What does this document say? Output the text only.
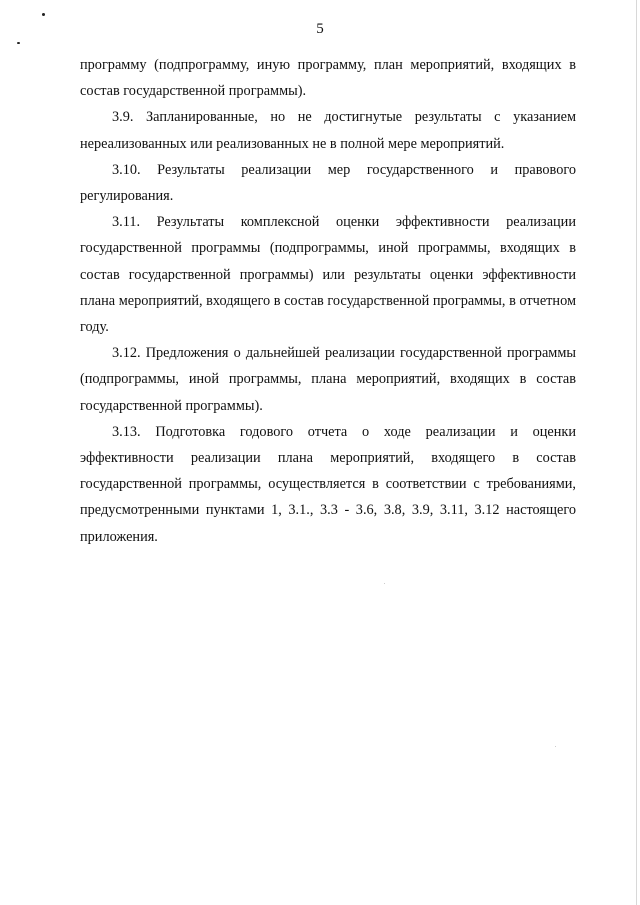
5

программу (подпрограмму, иную программу, план мероприятий, входящих в состав государственной программы).

3.9. Запланированные, но не достигнутые результаты с указанием нереализованных или реализованных не в полной мере мероприятий.

3.10. Результаты реализации мер государственного и правового регулирования.

3.11. Результаты комплексной оценки эффективности реализации государственной программы (подпрограммы, иной программы, входящих в состав государственной программы) или результаты оценки эффективности плана мероприятий, входящего в состав государственной программы, в отчетном году.

3.12. Предложения о дальнейшей реализации государственной программы (подпрограммы, иной программы, плана мероприятий, входящих в состав государственной программы).

3.13. Подготовка годового отчета о ходе реализации и оценки эффективности реализации плана мероприятий, входящего в состав государственной программы, осуществляется в соответствии с требованиями, предусмотренными пунктами 1, 3.1., 3.3 - 3.6, 3.8, 3.9, 3.11, 3.12 настоящего приложения.
